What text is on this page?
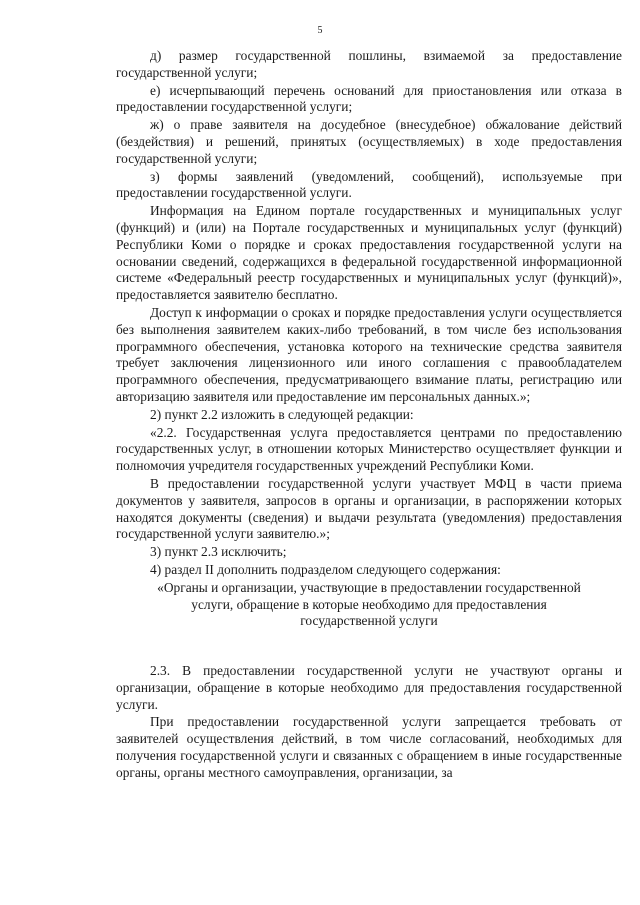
5

д) размер государственной пошлины, взимаемой за предоставление государственной услуги;

е) исчерпывающий перечень оснований для приостановления или отказа в предоставлении государственной услуги;

ж) о праве заявителя на досудебное (внесудебное) обжалование действий (бездействия) и решений, принятых (осуществляемых) в ходе предоставления государственной услуги;

з) формы заявлений (уведомлений, сообщений), используемые при предоставлении государственной услуги.

Информация на Едином портале государственных и муниципальных услуг (функций) и (или) на Портале государственных и муниципальных услуг (функций) Республики Коми о порядке и сроках предоставления государственной услуги на основании сведений, содержащихся в федеральной государственной информационной системе «Федеральный реестр государственных и муниципальных услуг (функций)», предоставляется заявителю бесплатно.

Доступ к информации о сроках и порядке предоставления услуги осуществляется без выполнения заявителем каких-либо требований, в том числе без использования программного обеспечения, установка которого на технические средства заявителя требует заключения лицензионного или иного соглашения с правообладателем программного обеспечения, предусматривающего взимание платы, регистрацию или авторизацию заявителя или предоставление им персональных данных.»;

2) пункт 2.2 изложить в следующей редакции:

«2.2. Государственная услуга предоставляется центрами по предоставлению государственных услуг, в отношении которых Министерство осуществляет функции и полномочия учредителя государственных учреждений Республики Коми.

В предоставлении государственной услуги участвует МФЦ в части приема документов у заявителя, запросов в органы и организации, в распоряжении которых находятся документы (сведения) и выдачи результата (уведомления) предоставления государственной услуги заявителю.»;

3) пункт 2.3 исключить;

4) раздел II дополнить подразделом следующего содержания:

«Органы и организации, участвующие в предоставлении государственной
услуги, обращение в которые необходимо для предоставления
государственной услуги

2.3. В предоставлении государственной услуги не участвуют органы и организации, обращение в которые необходимо для предоставления государственной услуги.

При предоставлении государственной услуги запрещается требовать от заявителей осуществления действий, в том числе согласований, необходимых для получения государственной услуги и связанных с обращением в иные государственные органы, органы местного самоуправления, организации, за
